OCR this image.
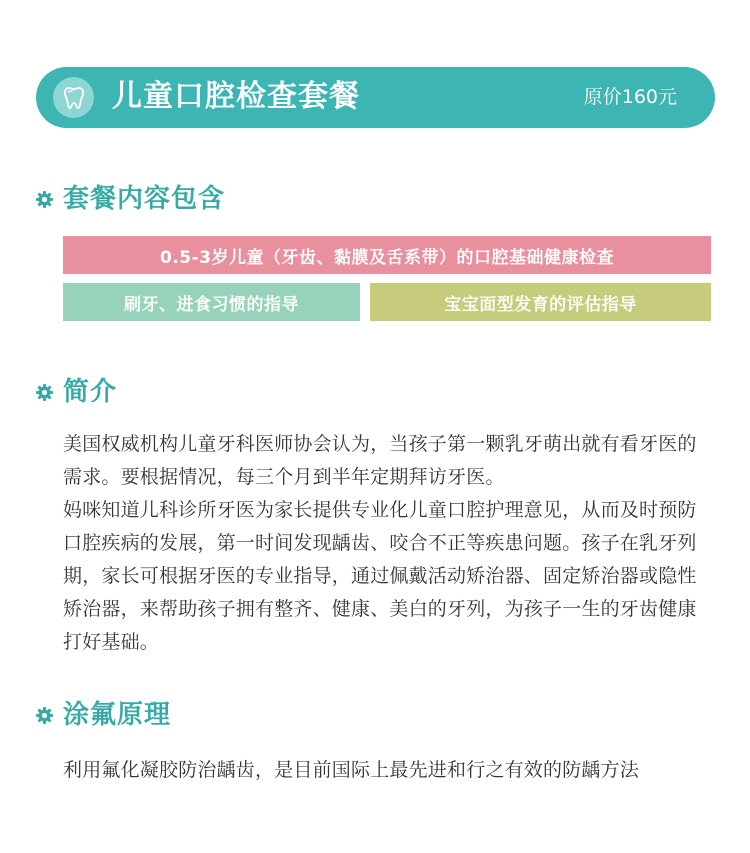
儿童口腔检查套餐	原价160元
套餐内容包含
0.5-3岁儿童（牙齿、黏膜及舌系带）的口腔基础健康检查
刷牙、进食习惯的指导	宝宝面型发育的评估指导
简介

美国权威机构儿童牙科医师协会认为，当孩子第一颗乳牙萌出就有看牙医的需求。要根据情况，每三个月到半年定期拜访牙医。

妈咪知道儿科诊所牙医为家长提供专业化儿童口腔护理意见，从而及时预防口腔疾病的发展，第一时间发现龋齿、咬合不正等疾患问题。孩子在乳牙列期，家长可根据牙医的专业指导，通过佩戴活动矫治器、固定矫治器或隐性矫治器，来帮助孩子拥有整齐、健康、美白的牙列，为孩子一生的牙齿健康打好基础。

涂氟原理
利用氟化凝胶防治龋齿，是目前国际上最先进和行之有效的防龋方法
